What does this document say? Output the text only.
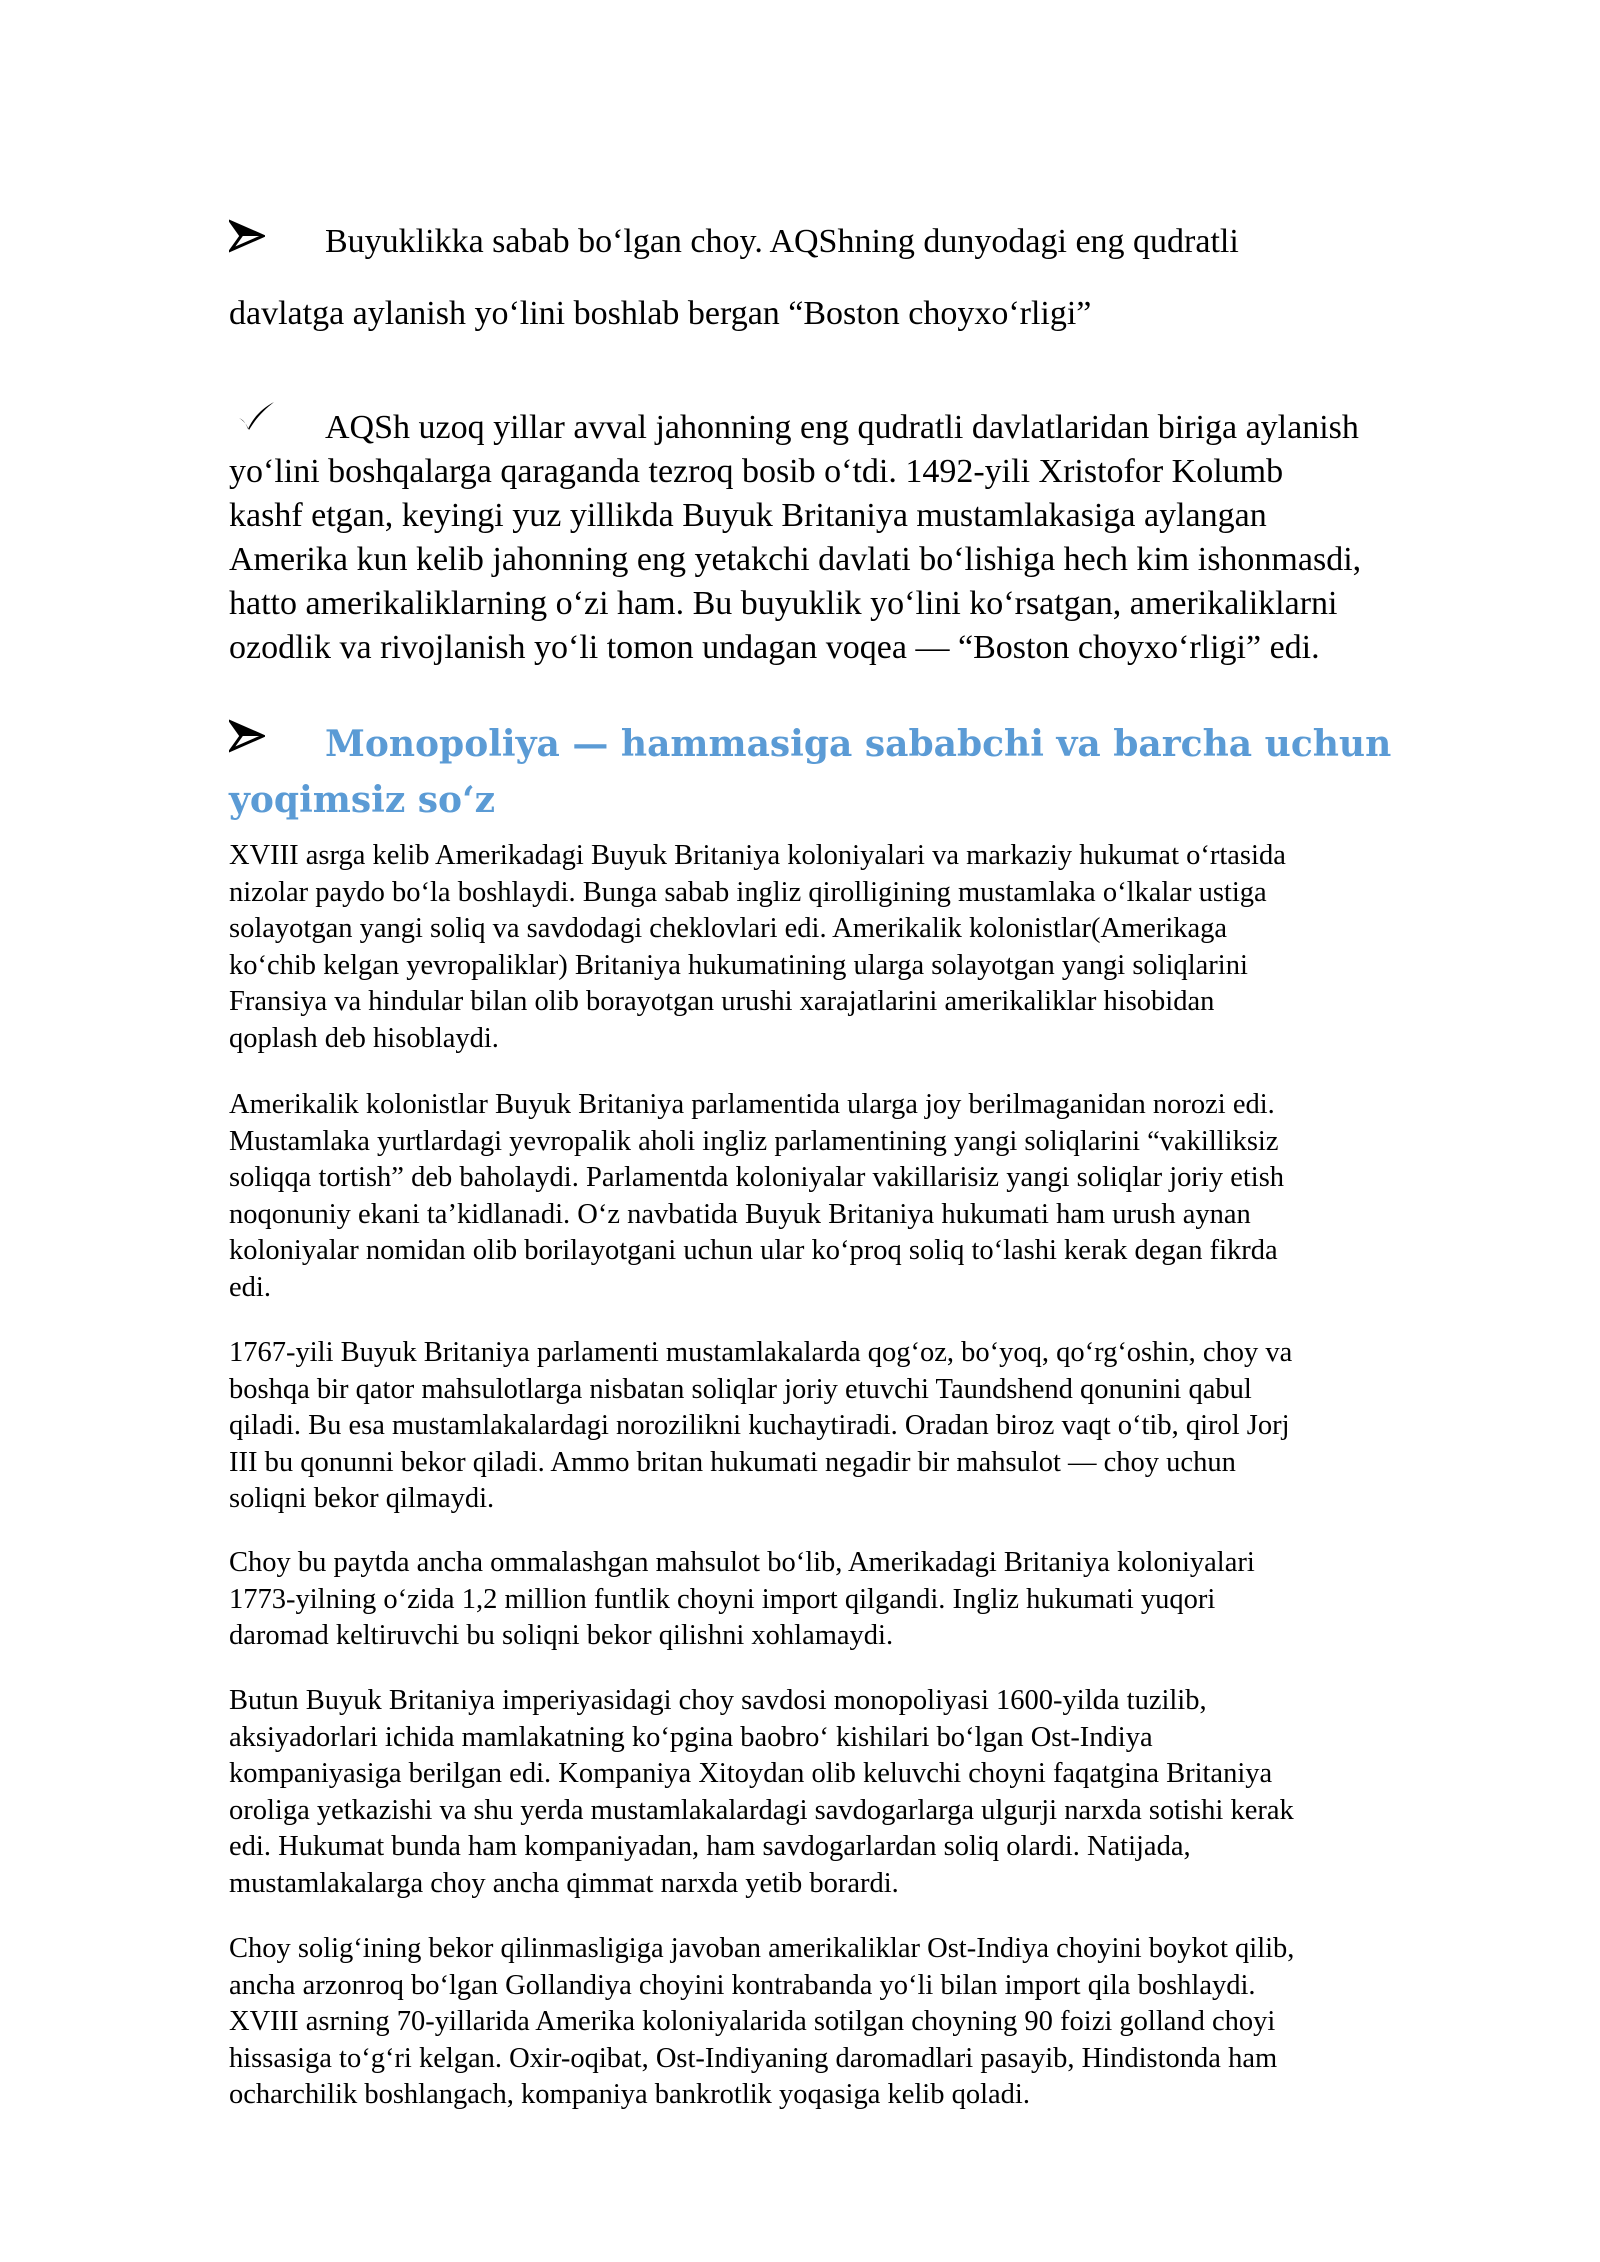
Buyuklikka sabab boʻlgan choy. AQShning dunyodagi eng qudratli
davlatga aylanish yoʻlini boshlab bergan “Boston choyxoʻrligi”
AQSh uzoq yillar avval jahonning eng qudratli davlatlaridan biriga aylanish
yoʻlini boshqalarga qaraganda tezroq bosib oʻtdi. 1492-yili Xristofor Kolumb
kashf etgan, keyingi yuz yillikda Buyuk Britaniya mustamlakasiga aylangan
Amerika kun kelib jahonning eng yetakchi davlati boʻlishiga hech kim ishonmasdi,
hatto amerikaliklarning oʻzi ham. Bu buyuklik yoʻlini koʻrsatgan, amerikaliklarni
ozodlik va rivojlanish yoʻli tomon undagan voqea — “Boston choyxoʻrligi” edi.
Monopoliya — hammasiga sababchi va barcha uchun
yoqimsiz soʻz
XVIII asrga kelib Amerikadagi Buyuk Britaniya koloniyalari va markaziy hukumat oʻrtasida
nizolar paydo boʻla boshlaydi. Bunga sabab ingliz qirolligining mustamlaka oʻlkalar ustiga
solayotgan yangi soliq va savdodagi cheklovlari edi. Amerikalik kolonistlar(Amerikaga
koʻchib kelgan yevropaliklar) Britaniya hukumatining ularga solayotgan yangi soliqlarini
Fransiya va hindular bilan olib borayotgan urushi xarajatlarini amerikaliklar hisobidan
qoplash deb hisoblaydi.
Amerikalik kolonistlar Buyuk Britaniya parlamentida ularga joy berilmaganidan norozi edi.
Mustamlaka yurtlardagi yevropalik aholi ingliz parlamentining yangi soliqlarini “vakilliksiz
soliqqa tortish” deb baholaydi. Parlamentda koloniyalar vakillarisiz yangi soliqlar joriy etish
noqonuniy ekani taʼkidlanadi. Oʻz navbatida Buyuk Britaniya hukumati ham urush aynan
koloniyalar nomidan olib borilayotgani uchun ular koʻproq soliq toʻlashi kerak degan fikrda
edi.
1767-yili Buyuk Britaniya parlamenti mustamlakalarda qogʻoz, boʻyoq, qoʻrgʻoshin, choy va
boshqa bir qator mahsulotlarga nisbatan soliqlar joriy etuvchi Taundshend qonunini qabul
qiladi. Bu esa mustamlakalardagi norozilikni kuchaytiradi. Oradan biroz vaqt oʻtib, qirol Jorj
III bu qonunni bekor qiladi. Ammo britan hukumati negadir bir mahsulot — choy uchun
soliqni bekor qilmaydi.
Choy bu paytda ancha ommalashgan mahsulot boʻlib, Amerikadagi Britaniya koloniyalari
1773-yilning oʻzida 1,2 million funtlik choyni import qilgandi. Ingliz hukumati yuqori
daromad keltiruvchi bu soliqni bekor qilishni xohlamaydi.
Butun Buyuk Britaniya imperiyasidagi choy savdosi monopoliyasi 1600-yilda tuzilib,
aksiyadorlari ichida mamlakatning koʻpgina baobroʻ kishilari boʻlgan Ost-Indiya
kompaniyasiga berilgan edi. Kompaniya Xitoydan olib keluvchi choyni faqatgina Britaniya
oroliga yetkazishi va shu yerda mustamlakalardagi savdogarlarga ulgurji narxda sotishi kerak
edi. Hukumat bunda ham kompaniyadan, ham savdogarlardan soliq olardi. Natijada,
mustamlakalarga choy ancha qimmat narxda yetib borardi.
Choy soligʻining bekor qilinmasligiga javoban amerikaliklar Ost-Indiya choyini boykot qilib,
ancha arzonroq boʻlgan Gollandiya choyini kontrabanda yoʻli bilan import qila boshlaydi.
XVIII asrning 70-yillarida Amerika koloniyalarida sotilgan choyning 90 foizi golland choyi
hissasiga toʻgʻri kelgan. Oxir-oqibat, Ost-Indiyaning daromadlari pasayib, Hindistonda ham
ocharchilik boshlangach, kompaniya bankrotlik yoqasiga kelib qoladi.
